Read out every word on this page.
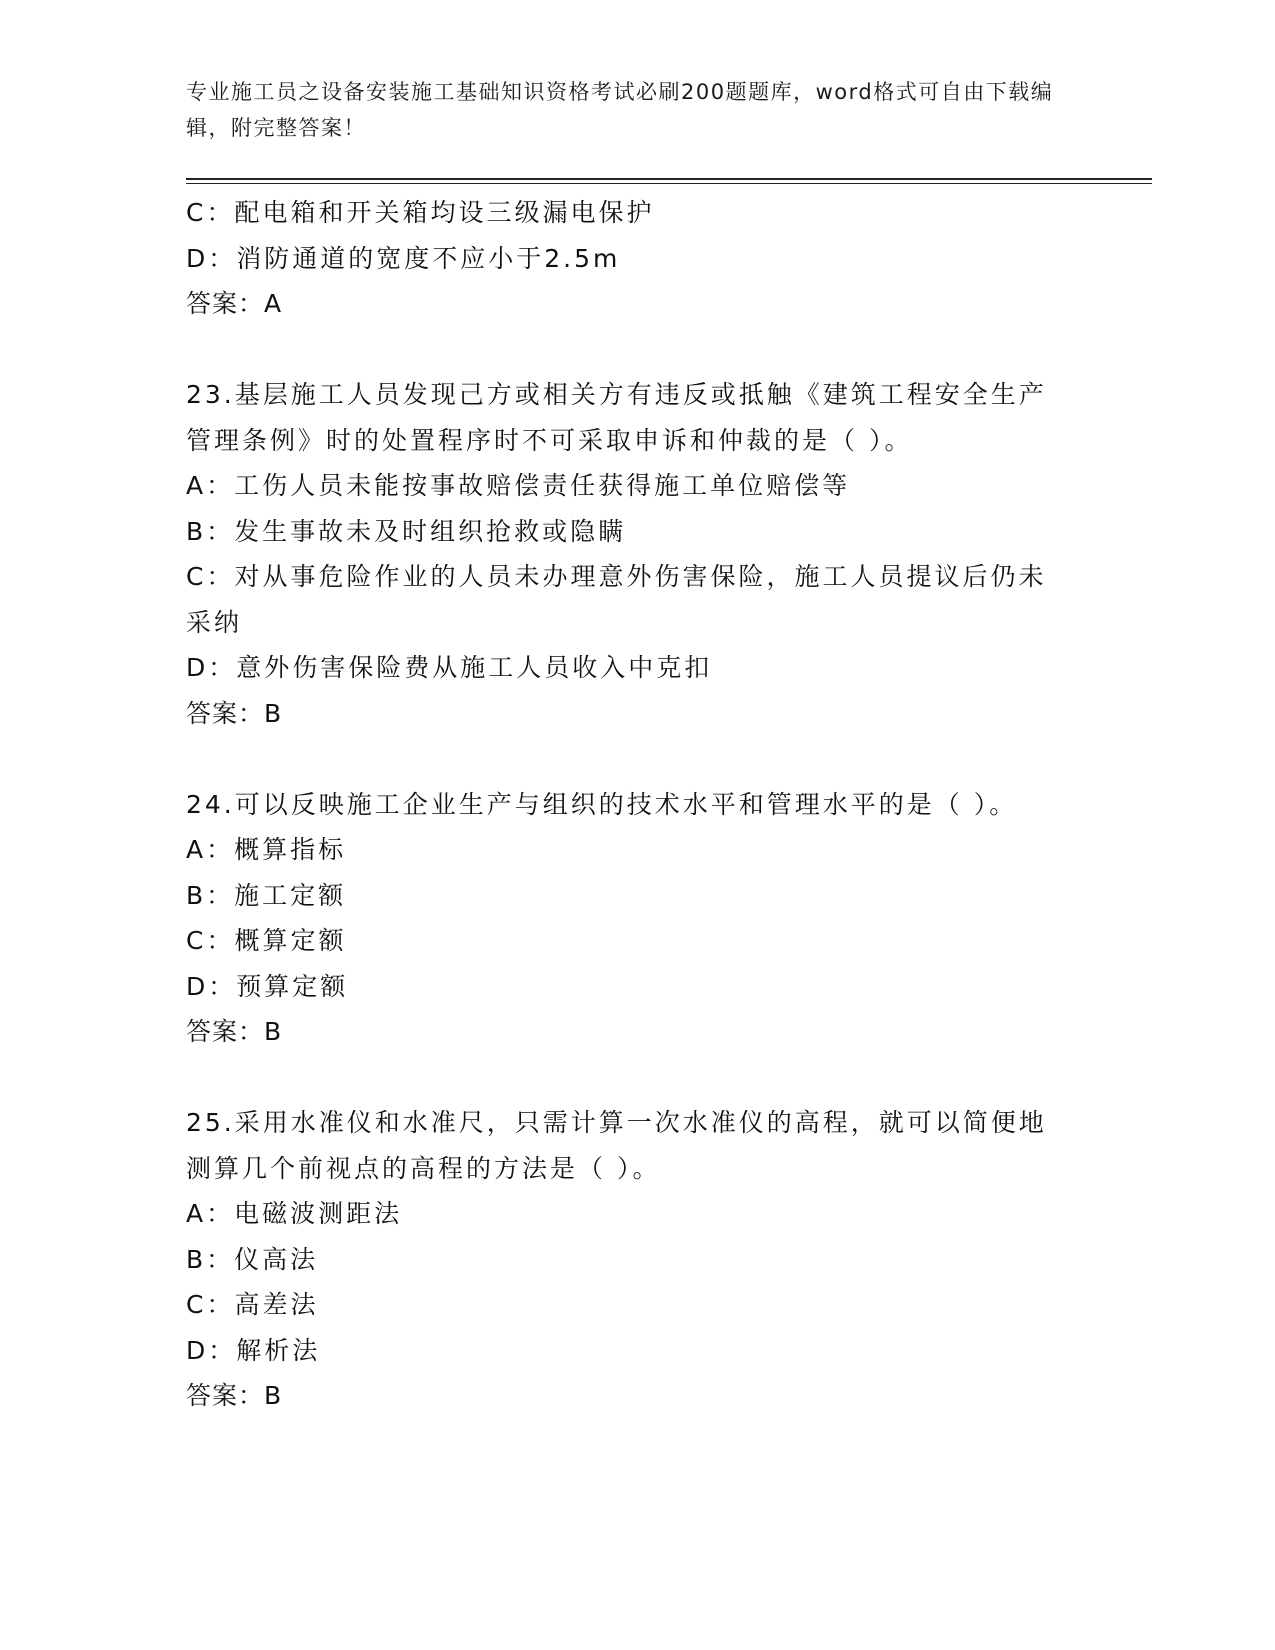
专业施工员之设备安装施工基础知识资格考试必刷200题题库，word格式可自由下载编辑，附完整答案！
C：配电箱和开关箱均设三级漏电保护
D：消防通道的宽度不应小于2.5m
答案：A
23.基层施工人员发现己方或相关方有违反或抵触《建筑工程安全生产管理条例》时的处置程序时不可采取申诉和仲裁的是（ ）。
A：工伤人员未能按事故赔偿责任获得施工单位赔偿等
B：发生事故未及时组织抢救或隐瞒
C：对从事危险作业的人员未办理意外伤害保险，施工人员提议后仍未采纳
D：意外伤害保险费从施工人员收入中克扣
答案：B
24.可以反映施工企业生产与组织的技术水平和管理水平的是（ ）。
A：概算指标
B：施工定额
C：概算定额
D：预算定额
答案：B
25.采用水准仪和水准尺，只需计算一次水准仪的高程，就可以简便地测算几个前视点的高程的方法是（ ）。
A：电磁波测距法
B：仪高法
C：高差法
D：解析法
答案：B
